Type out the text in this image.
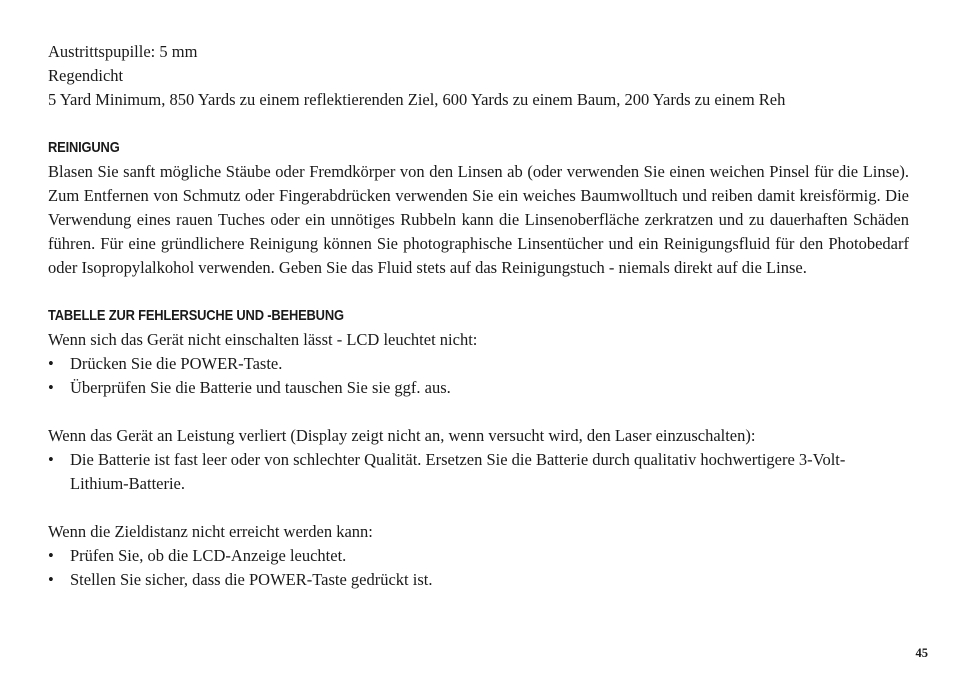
Austrittspupille: 5 mm
Regendicht
5 Yard Minimum, 850 Yards zu einem reflektierenden Ziel, 600 Yards zu einem Baum, 200 Yards zu einem Reh
REINIGUNG

Blasen Sie sanft mögliche Stäube oder Fremdkörper von den Linsen ab (oder verwenden Sie einen weichen Pinsel für die Linse). Zum Entfernen von Schmutz oder Fingerabdrücken verwenden Sie ein weiches Baumwolltuch und reiben damit kreisförmig. Die Verwendung eines rauen Tuches oder ein unnötiges Rubbeln kann die Linsenoberfläche zerkratzen und zu dauerhaften Schäden führen. Für eine gründlichere Reinigung können Sie photographische Linsentücher und ein Reinigungsfluid für den Photobedarf oder Isopropylalkohol verwenden. Geben Sie das Fluid stets auf das Reinigungstuch - niemals direkt auf die Linse.

TABELLE ZUR FEHLERSUCHE UND -BEHEBUNG
Wenn sich das Gerät nicht einschalten lässt - LCD leuchtet nicht:
• Drücken Sie die POWER-Taste.
• Überprüfen Sie die Batterie und tauschen Sie sie ggf. aus.
Wenn das Gerät an Leistung verliert (Display zeigt nicht an, wenn versucht wird, den Laser einzuschalten):
• Die Batterie ist fast leer oder von schlechter Qualität. Ersetzen Sie die Batterie durch qualitativ hochwertigere 3-Volt-Lithium-Batterie.
Wenn die Zieldistanz nicht erreicht werden kann:
• Prüfen Sie, ob die LCD-Anzeige leuchtet.
• Stellen Sie sicher, dass die POWER-Taste gedrückt ist.
45
